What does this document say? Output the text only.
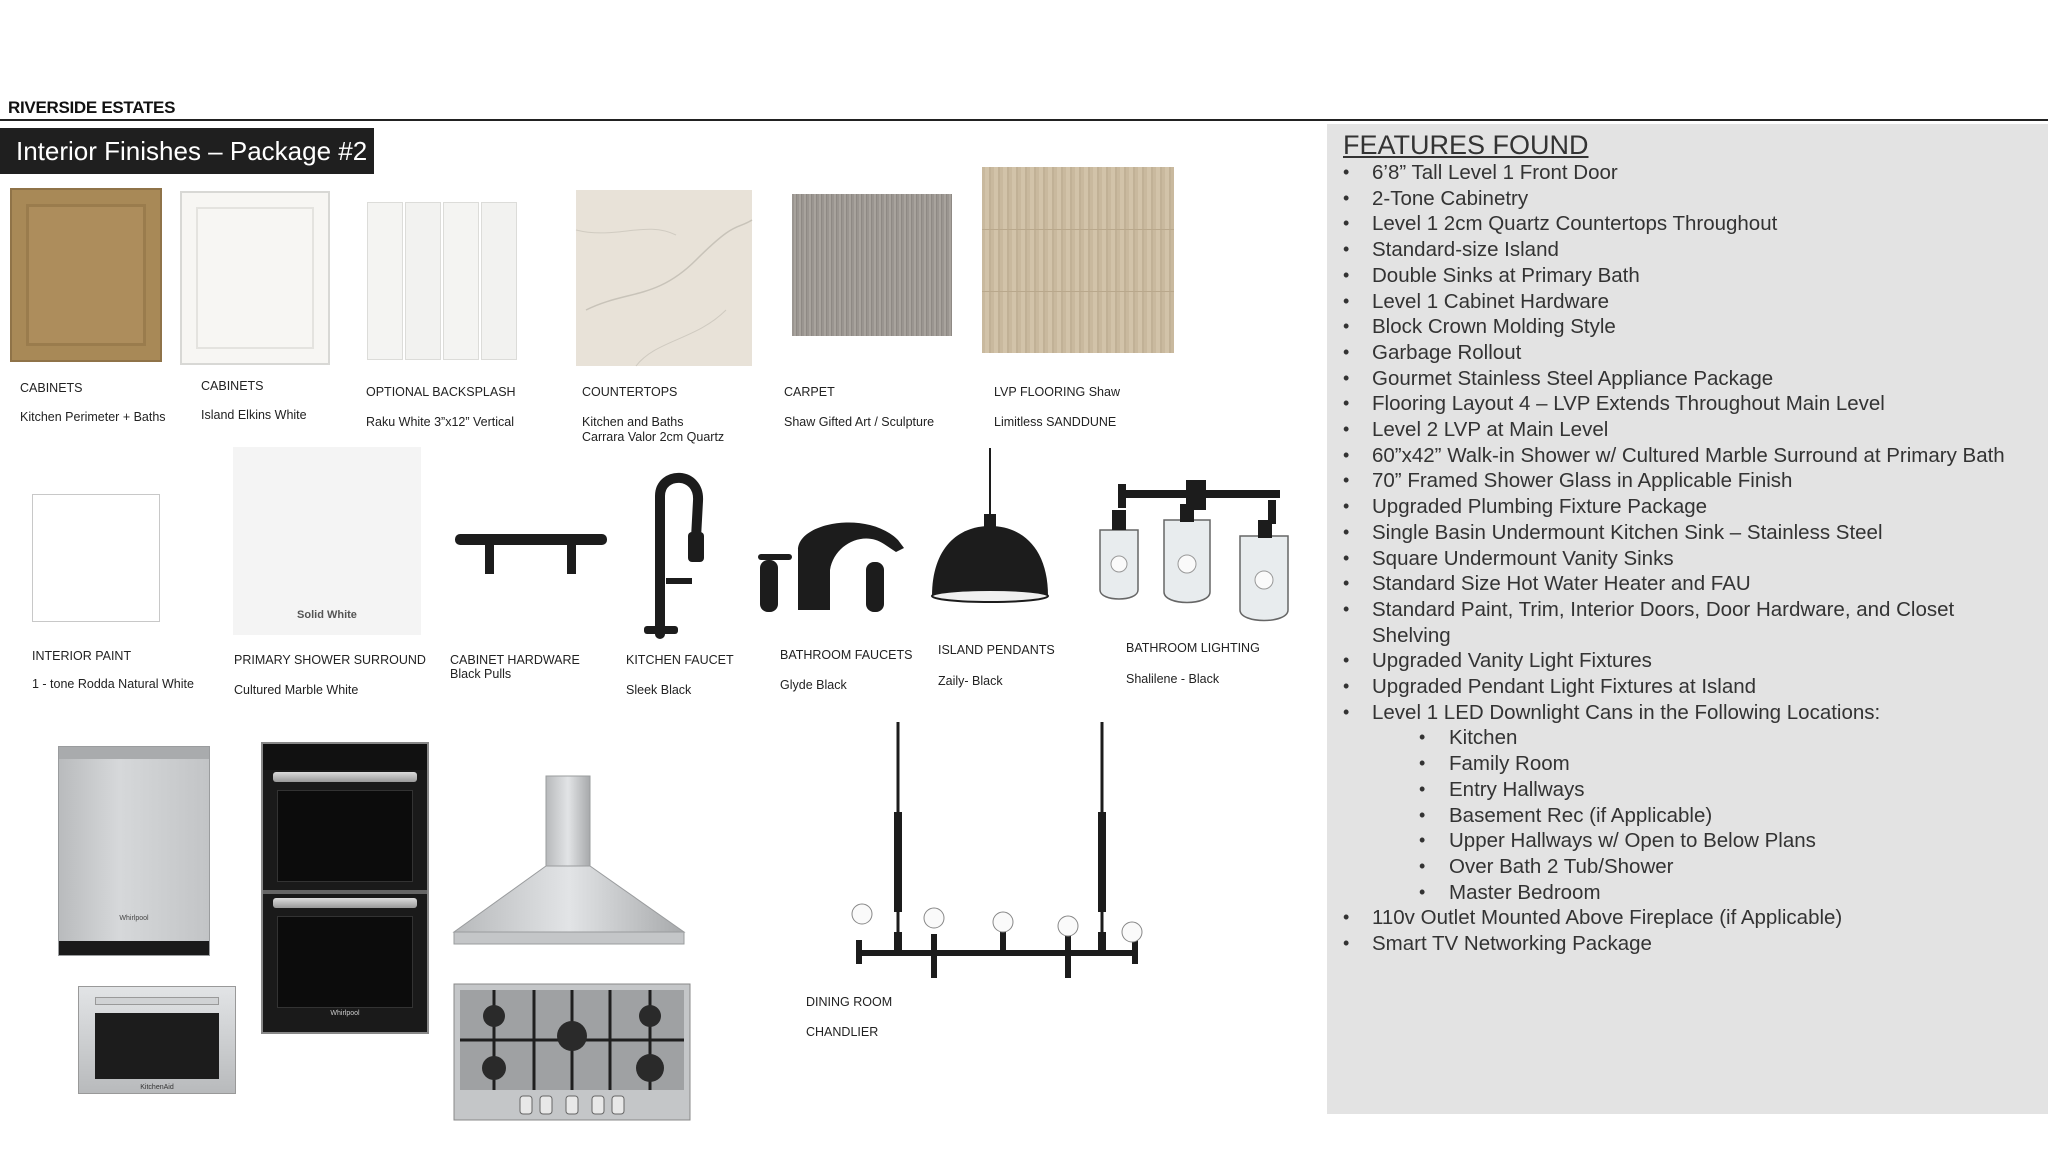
RIVERSIDE ESTATES
Interior Finishes – Package #2
CABINETS
Kitchen Perimeter + Baths
CABINETS
Island Elkins White
OPTIONAL BACKSPLASH
Raku White 3”x12” Vertical
COUNTERTOPS
Kitchen and Baths
Carrara Valor 2cm Quartz
CARPET
Shaw Gifted Art / Sculpture
LVP FLOORING Shaw
Limitless SANDDUNE
Solid White
INTERIOR PAINT
1 - tone Rodda Natural White
PRIMARY SHOWER SURROUND
Cultured Marble White
CABINET HARDWARE
Black Pulls
KITCHEN FAUCET
Sleek Black
BATHROOM FAUCETS
Glyde Black
ISLAND PENDANTS
Zaily- Black
BATHROOM LIGHTING
Shalilene - Black
Whirlpool
Whirlpool
KitchenAid
DINING ROOM
CHANDLIER
FEATURES FOUND
• 6’8” Tall Level 1 Front Door
• 2-Tone Cabinetry
• Level 1 2cm Quartz Countertops Throughout
• Standard-size Island
• Double Sinks at Primary Bath
• Level 1 Cabinet Hardware
• Block Crown Molding Style
• Garbage Rollout
• Gourmet Stainless Steel Appliance Package
• Flooring Layout 4 – LVP Extends Throughout Main Level
• Level 2 LVP at Main Level
• 60”x42” Walk-in Shower w/ Cultured Marble Surround at Primary Bath
• 70” Framed Shower Glass in Applicable Finish
• Upgraded Plumbing Fixture Package
• Single Basin Undermount Kitchen Sink – Stainless Steel
• Square Undermount Vanity Sinks
• Standard Size Hot Water Heater and FAU
• Standard Paint, Trim, Interior Doors, Door Hardware, and Closet Shelving
• Upgraded Vanity Light Fixtures
• Upgraded Pendant Light Fixtures at Island
• Level 1 LED Downlight Cans in the Following Locations:
• Kitchen
• Family Room
• Entry Hallways
• Basement Rec (if Applicable)
• Upper Hallways w/ Open to Below Plans
• Over Bath 2 Tub/Shower
• Master Bedroom
• 110v Outlet Mounted Above Fireplace (if Applicable)
• Smart TV Networking Package
